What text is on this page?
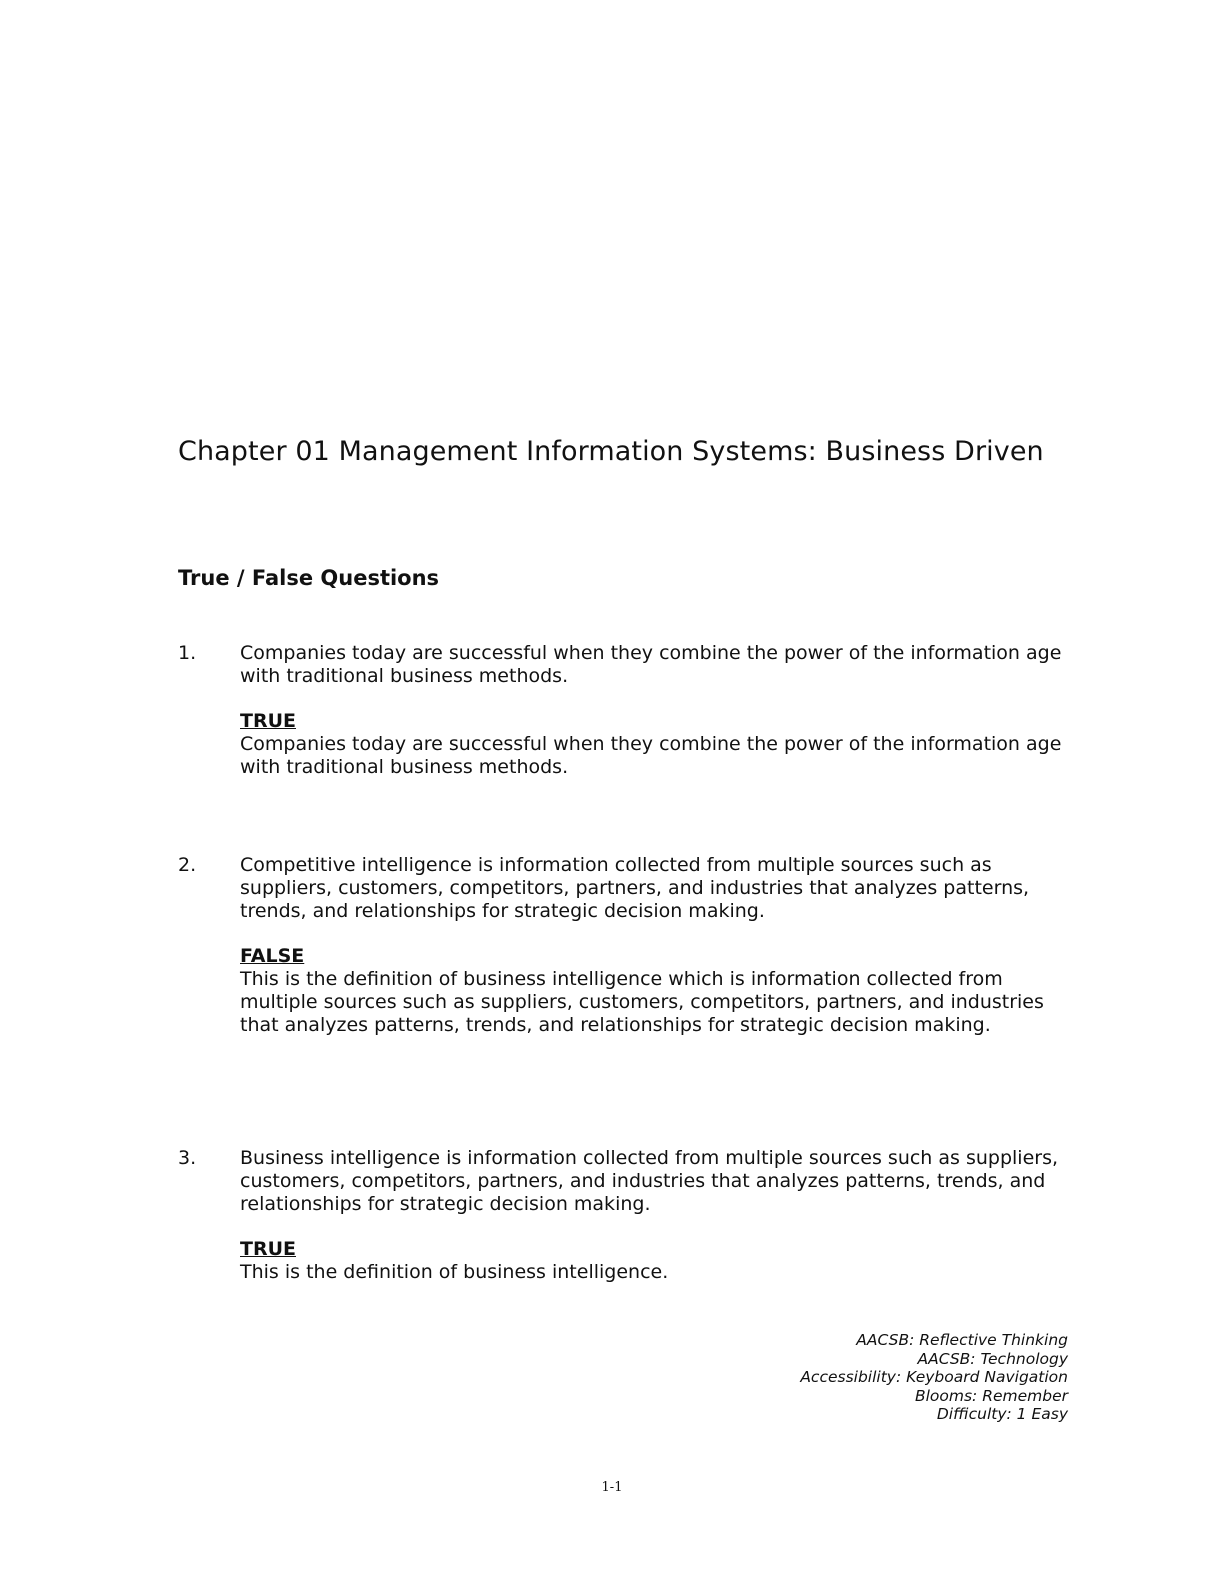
Chapter 01 Management Information Systems: Business Driven
True / False Questions
1. Companies today are successful when they combine the power of the information age with traditional business methods.

TRUE

Companies today are successful when they combine the power of the information age with traditional business methods.

2. Competitive intelligence is information collected from multiple sources such as suppliers, customers, competitors, partners, and industries that analyzes patterns, trends, and relationships for strategic decision making.

FALSE

This is the definition of business intelligence which is information collected from multiple sources such as suppliers, customers, competitors, partners, and industries that analyzes patterns, trends, and relationships for strategic decision making.

3. Business intelligence is information collected from multiple sources such as suppliers, customers, competitors, partners, and industries that analyzes patterns, trends, and relationships for strategic decision making.

TRUE

This is the definition of business intelligence.

AACSB: Reflective Thinking
AACSB: Technology
Accessibility: Keyboard Navigation
Blooms: Remember
Difficulty: 1 Easy
1-1
